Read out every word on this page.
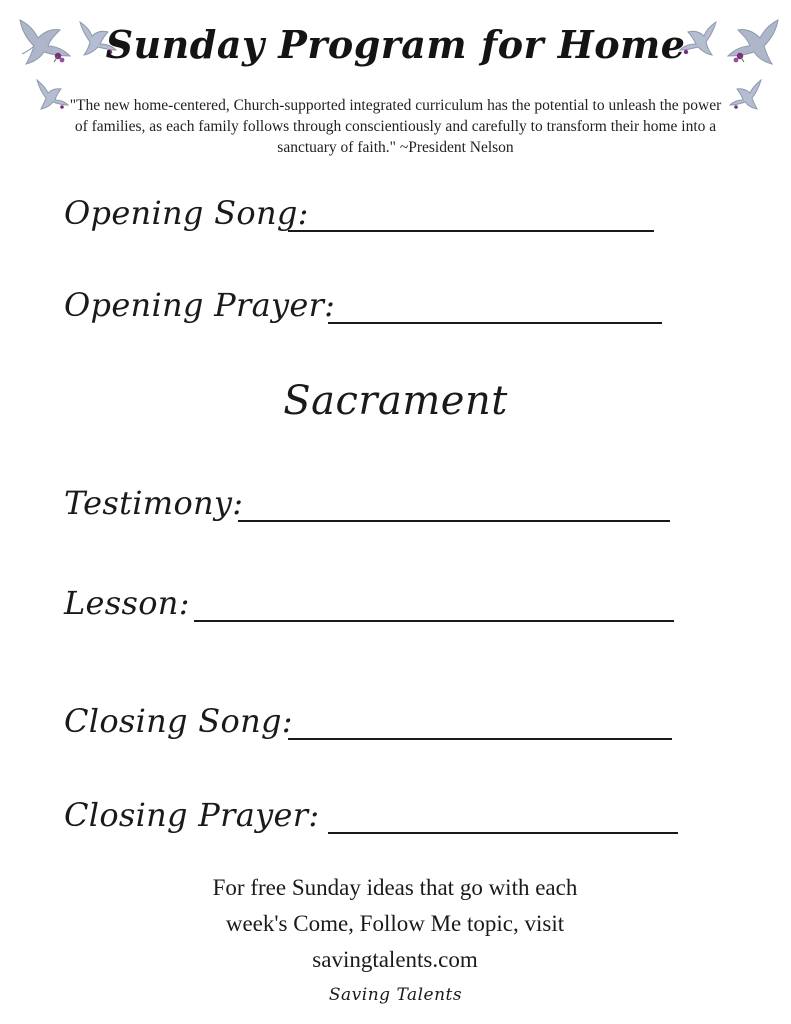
Sunday Program for Home
"The new home-centered, Church-supported integrated curriculum has the potential to unleash the power of families, as each family follows through conscientiously and carefully to transform their home into a sanctuary of faith." ~President Nelson
Opening Song:
Opening Prayer:
Sacrament
Testimony:
Lesson:
Closing Song:
Closing Prayer:
For free Sunday ideas that go with each
week's Come, Follow Me topic, visit
savingtalents.com
Saving Talents
